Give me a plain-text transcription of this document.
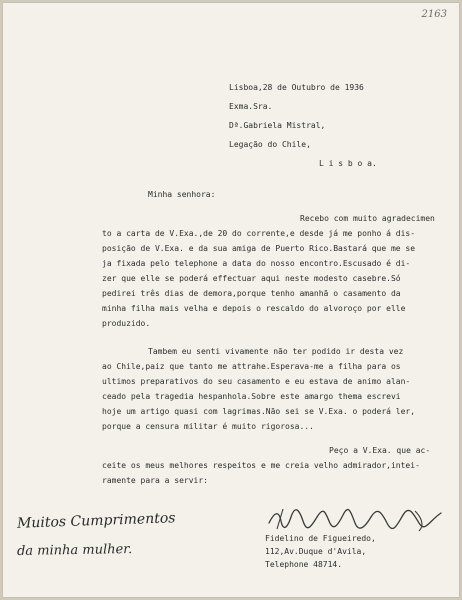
2163
Lisboa,28 de Outubro de 1936
Exma.Sra.
Dª.Gabriela Mistral,
Legação do Chile,
L i s b o a.
Minha senhora:
Recebo com muito agradecimen
to a carta de V.Exa.,de 20 do corrente,e desde já me ponho á dis-
posição de V.Exa. e da sua amiga de Puerto Rico.Bastará que me se
ja fixada pelo telephone a data do nosso encontro.Escusado é di-
zer que elle se poderá effectuar aqui neste modesto casebre.Só
pedirei três dias de demora,porque tenho amanhã o casamento da
minha filha mais velha e depois o rescaldo do alvoroço por elle
produzido.
Tambem eu senti vivamente não ter podido ir desta vez
ao Chile,paiz que tanto me attrahe.Esperava-me a filha para os
ultimos preparativos do seu casamento e eu estava de animo alan-
ceado pela tragedia hespanhola.Sobre este amargo thema escrevi
hoje um artigo quasi com lagrimas.Não sei se V.Exa. o poderá ler,
porque a censura militar é muito rigorosa...
Peço a V.Exa. que ac-
ceite os meus melhores respeitos e me creia velho admirador,intei-
ramente para a servir:
Muitos Cumprimentos
da minha mulher.
Fidelino de Figueiredo,
112,Av.Duque d'Avila,
Telephone 48714.
